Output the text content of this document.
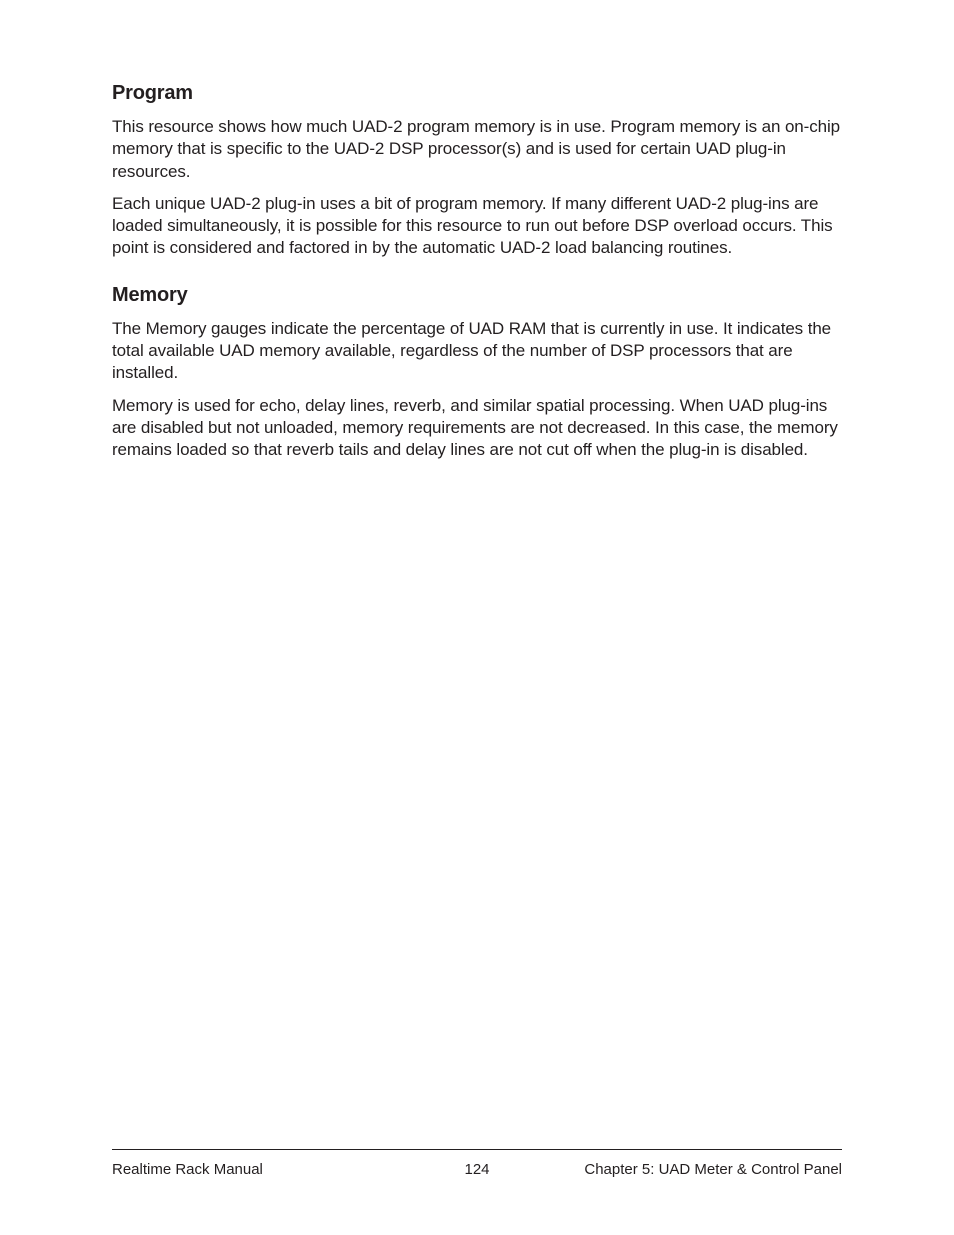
Program

This resource shows how much UAD-2 program memory is in use. Program memory is an on-chip memory that is specific to the UAD-2 DSP processor(s) and is used for certain UAD plug-in resources.

Each unique UAD-2 plug-in uses a bit of program memory. If many different UAD-2 plug-ins are loaded simultaneously, it is possible for this resource to run out before DSP overload occurs. This point is considered and factored in by the automatic UAD-2 load balancing routines.

Memory

The Memory gauges indicate the percentage of UAD RAM that is currently in use. It indicates the total available UAD memory available, regardless of the number of DSP processors that are installed.

Memory is used for echo, delay lines, reverb, and similar spatial processing. When UAD plug-ins are disabled but not unloaded, memory requirements are not decreased. In this case, the memory remains loaded so that reverb tails and delay lines are not cut off when the plug-in is disabled.

Realtime Rack Manual	124	Chapter 5: UAD Meter & Control Panel
